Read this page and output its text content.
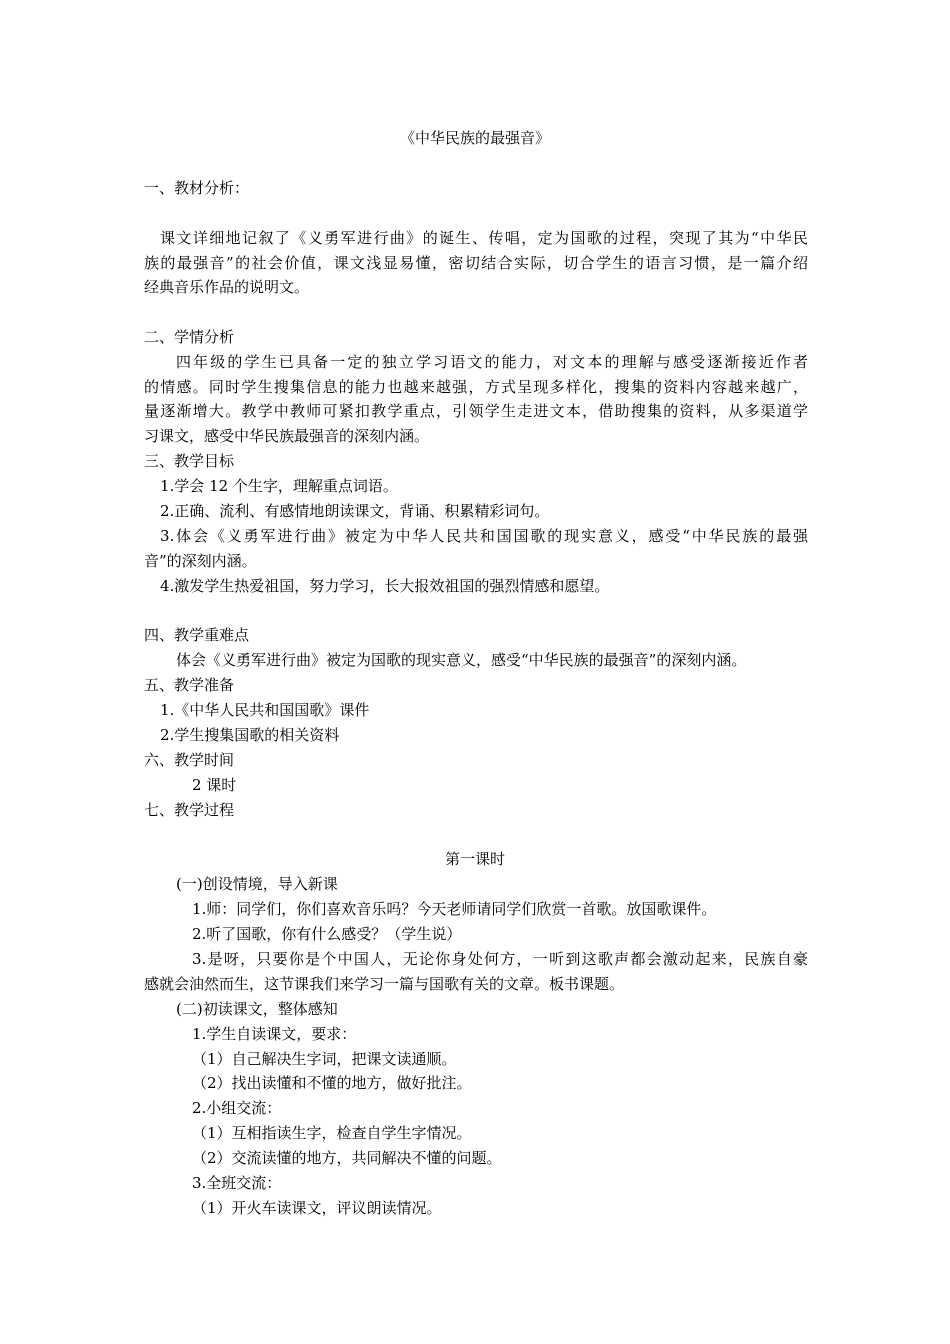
《中华民族的最强音》
一、教材分析：
课文详细地记叙了《义勇军进行曲》的诞生、传唱，定为国歌的过程，突现了其为“中华民
族的最强音”的社会价值，课文浅显易懂，密切结合实际，切合学生的语言习惯，是一篇介绍
经典音乐作品的说明文。
二、学情分析
四年级的学生已具备一定的独立学习语文的能力，对文本的理解与感受逐渐接近作者
的情感。同时学生搜集信息的能力也越来越强，方式呈现多样化，搜集的资料内容越来越广，
量逐渐增大。教学中教师可紧扣教学重点，引领学生走进文本，借助搜集的资料，从多渠道学
习课文，感受中华民族最强音的深刻内涵。
三、教学目标
1.学会 12 个生字，理解重点词语。
2.正确、流利、有感情地朗读课文，背诵、积累精彩词句。
3.体会《义勇军进行曲》被定为中华人民共和国国歌的现实意义，感受“中华民族的最强
音”的深刻内涵。
4.激发学生热爱祖国，努力学习，长大报效祖国的强烈情感和愿望。
四、教学重难点
体会《义勇军进行曲》被定为国歌的现实意义，感受“中华民族的最强音”的深刻内涵。
五、教学准备
1.《中华人民共和国国歌》课件
2.学生搜集国歌的相关资料
六、教学时间
2 课时
七、教学过程
第一课时
(一)创设情境，导入新课
1.师：同学们，你们喜欢音乐吗？今天老师请同学们欣赏一首歌。放国歌课件。
2.听了国歌，你有什么感受？（学生说）
3.是呀，只要你是个中国人，无论你身处何方，一听到这歌声都会激动起来，民族自豪
感就会油然而生，这节课我们来学习一篇与国歌有关的文章。板书课题。
(二)初读课文，整体感知
1.学生自读课文，要求：
（1）自己解决生字词，把课文读通顺。
（2）找出读懂和不懂的地方，做好批注。
2.小组交流：
（1）互相指读生字，检查自学生字情况。
（2）交流读懂的地方，共同解决不懂的问题。
3.全班交流：
（1）开火车读课文，评议朗读情况。
